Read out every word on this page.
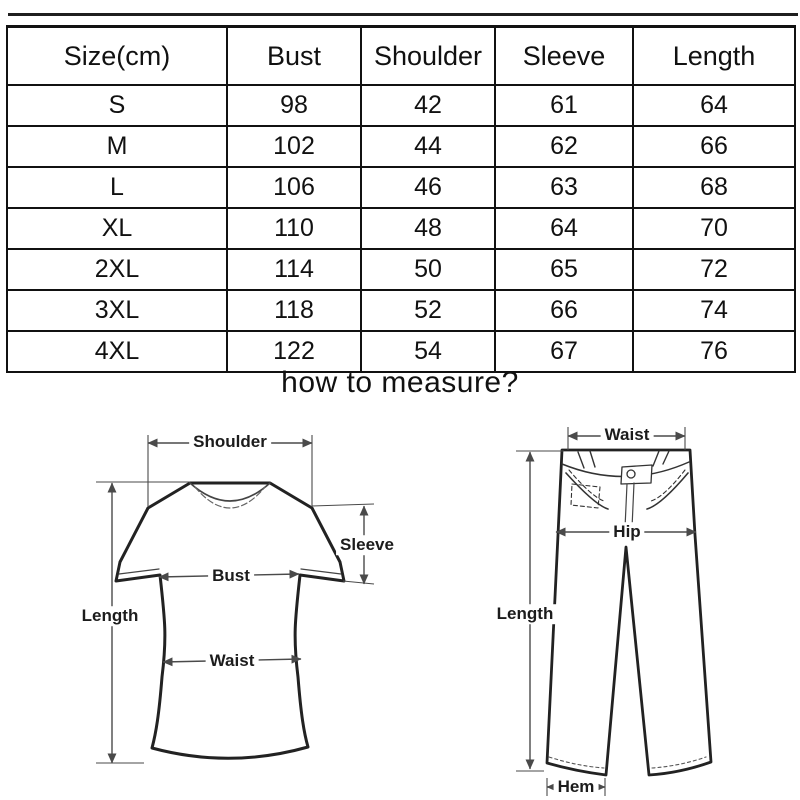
Size(cm)	Bust	Shoulder	Sleeve	Length
S	98	42	61	64
M	102	44	62	66
L	106	46	63	68
XL	110	48	64	70
2XL	114	50	65	72
3XL	118	52	66	74
4XL	122	54	67	76
how to measure?
Shoulder
Sleeve
Bust
Waist
Length
Waist
Hip
Length
Hem
